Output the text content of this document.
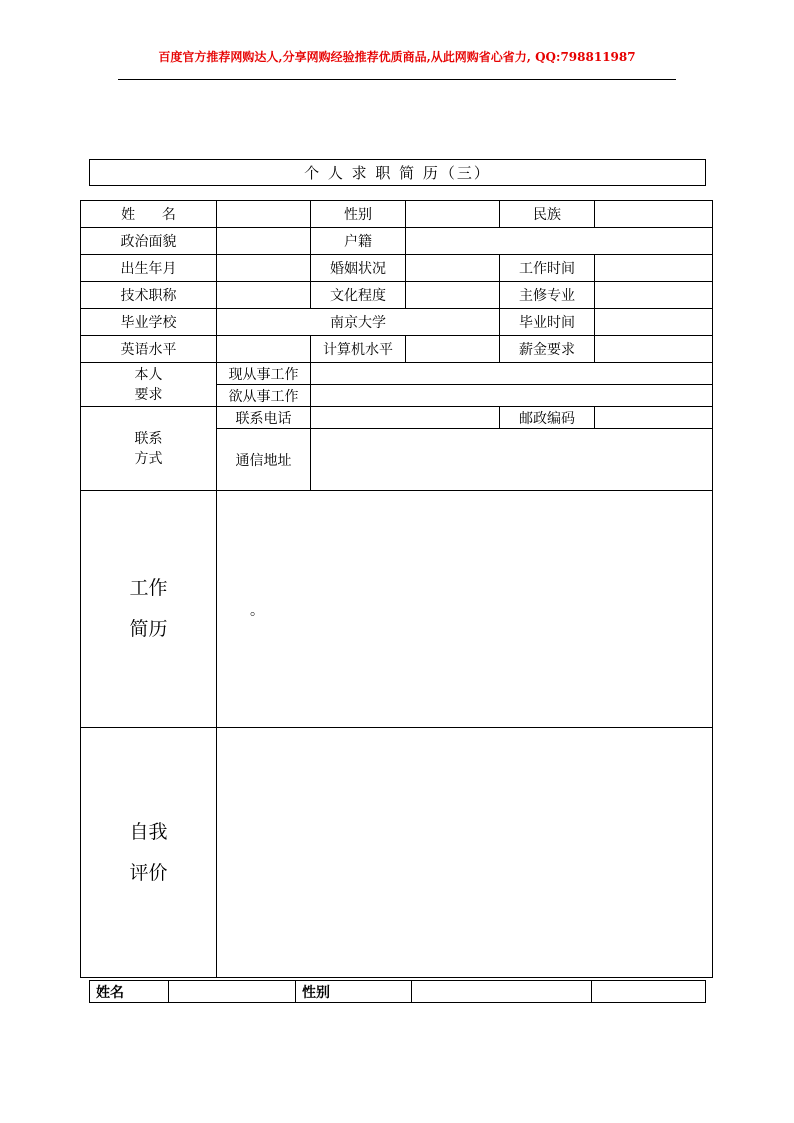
百度官方推荐网购达人,分享网购经验推荐优质商品,从此网购省心省力, QQ:798811987
个 人 求 职 简 历（三）
姓      名		性别		民族	
政治面貌		户籍			
出生年月		婚姻状况		工作时间	
技术职称		文化程度		主修专业	
毕业学校	南京大学			毕业时间	
英语水平		计算机水平		薪金要求	

本人
要求	现从事工作				
	欲从事工作				

联系
方式	联系电话			邮政编码	
	通信地址				

工作
简历					

自我
评价					

。
姓名		性别		
